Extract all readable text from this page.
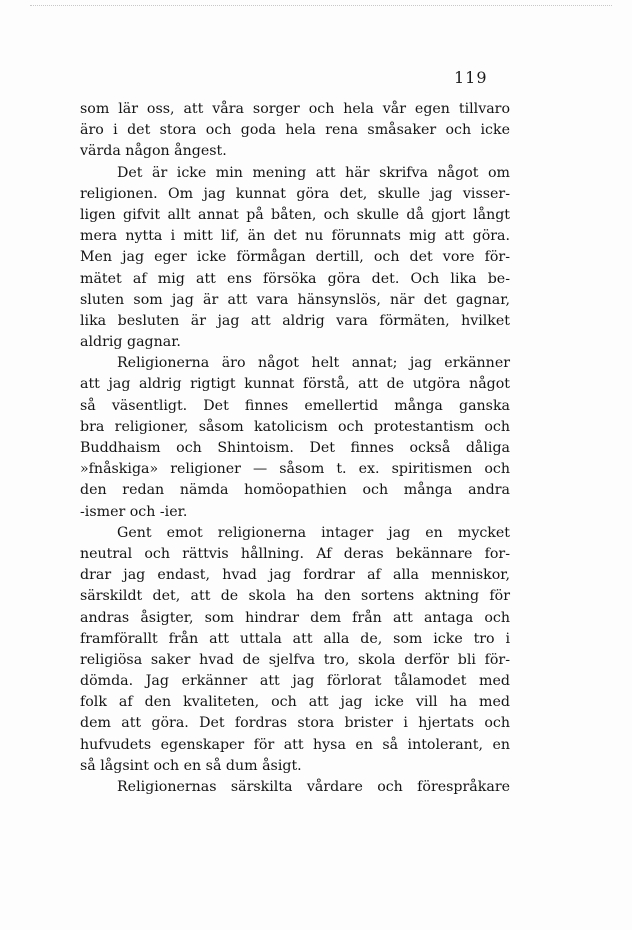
119
som lär oss, att våra sorger och hela vår egen tillvaro
äro i det stora och goda hela rena småsaker och icke
värda någon ångest.
Det är icke min mening att här skrifva något om
religionen. Om jag kunnat göra det, skulle jag visser-
ligen gifvit allt annat på båten, och skulle då gjort långt
mera nytta i mitt lif, än det nu förunnats mig att göra.
Men jag eger icke förmågan dertill, och det vore för-
mätet af mig att ens försöka göra det. Och lika be-
sluten som jag är att vara hänsynslös, när det gagnar,
lika besluten är jag att aldrig vara förmäten, hvilket
aldrig gagnar.
Religionerna äro något helt annat; jag erkänner
att jag aldrig rigtigt kunnat förstå, att de utgöra något
så väsentligt. Det finnes emellertid många ganska
bra religioner, såsom katolicism och protestantism och
Buddhaism och Shintoism. Det finnes också dåliga
»fnåskiga» religioner — såsom t. ex. spiritismen och
den redan nämda homöopathien och många andra
-ismer och -ier.
Gent emot religionerna intager jag en mycket
neutral och rättvis hållning. Af deras bekännare for-
drar jag endast, hvad jag fordrar af alla menniskor,
särskildt det, att de skola ha den sortens aktning för
andras åsigter, som hindrar dem från att antaga och
framförallt från att uttala att alla de, som icke tro i
religiösa saker hvad de sjelfva tro, skola derför bli för-
dömda. Jag erkänner att jag förlorat tålamodet med
folk af den kvaliteten, och att jag icke vill ha med
dem att göra. Det fordras stora brister i hjertats och
hufvudets egenskaper för att hysa en så intolerant, en
så lågsint och en så dum åsigt.
Religionernas särskilta vårdare och förespråkare
